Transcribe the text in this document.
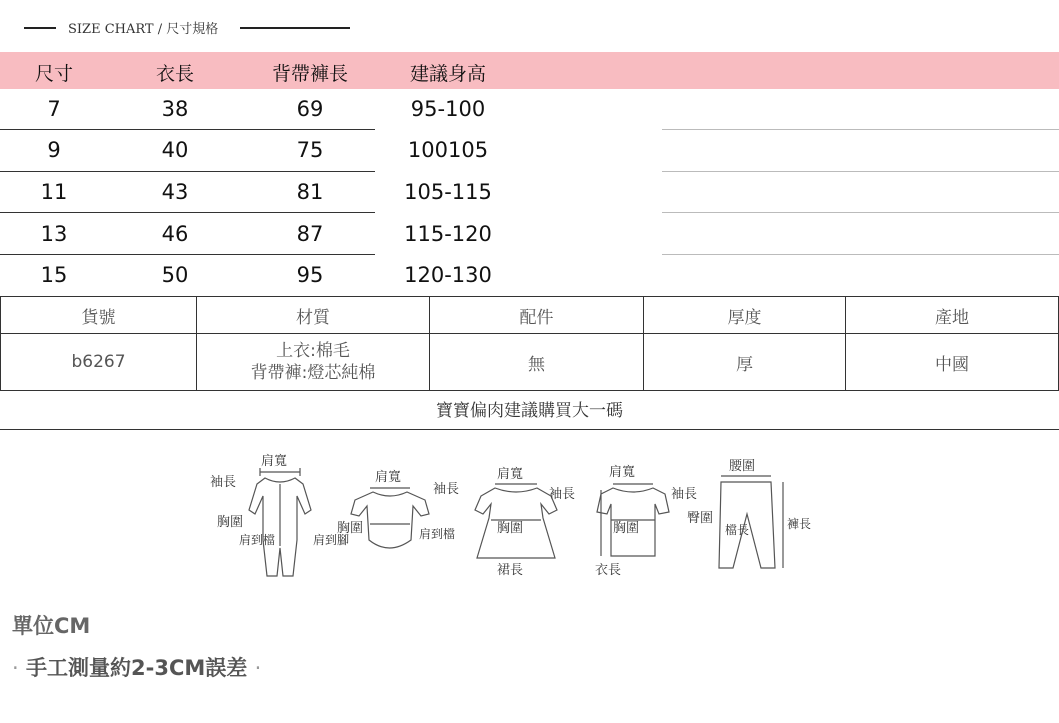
SIZE CHART / 尺寸規格
尺寸	衣長	背帶褲長	建議身高
7	38	69	95-100
9	40	75	100105
11	43	81	105-115
13	46	87	115-120
15	50	95	120-130
貨號	材質	配件	厚度	產地
b6267	上衣:棉毛
背帶褲:燈芯純棉	無	厚	中國
寶寶偏肉建議購買大一碼
肩寬
袖長
胸圍
肩到檔	肩到腳
肩寬
袖長
胸圍	肩到檔
肩寬
袖長
胸圍
裙長
肩寬
袖長
胸圍
衣長
腰圍
臀圍
檔長	褲長
單位CM
· 手工測量約2-3CM誤差 ·
